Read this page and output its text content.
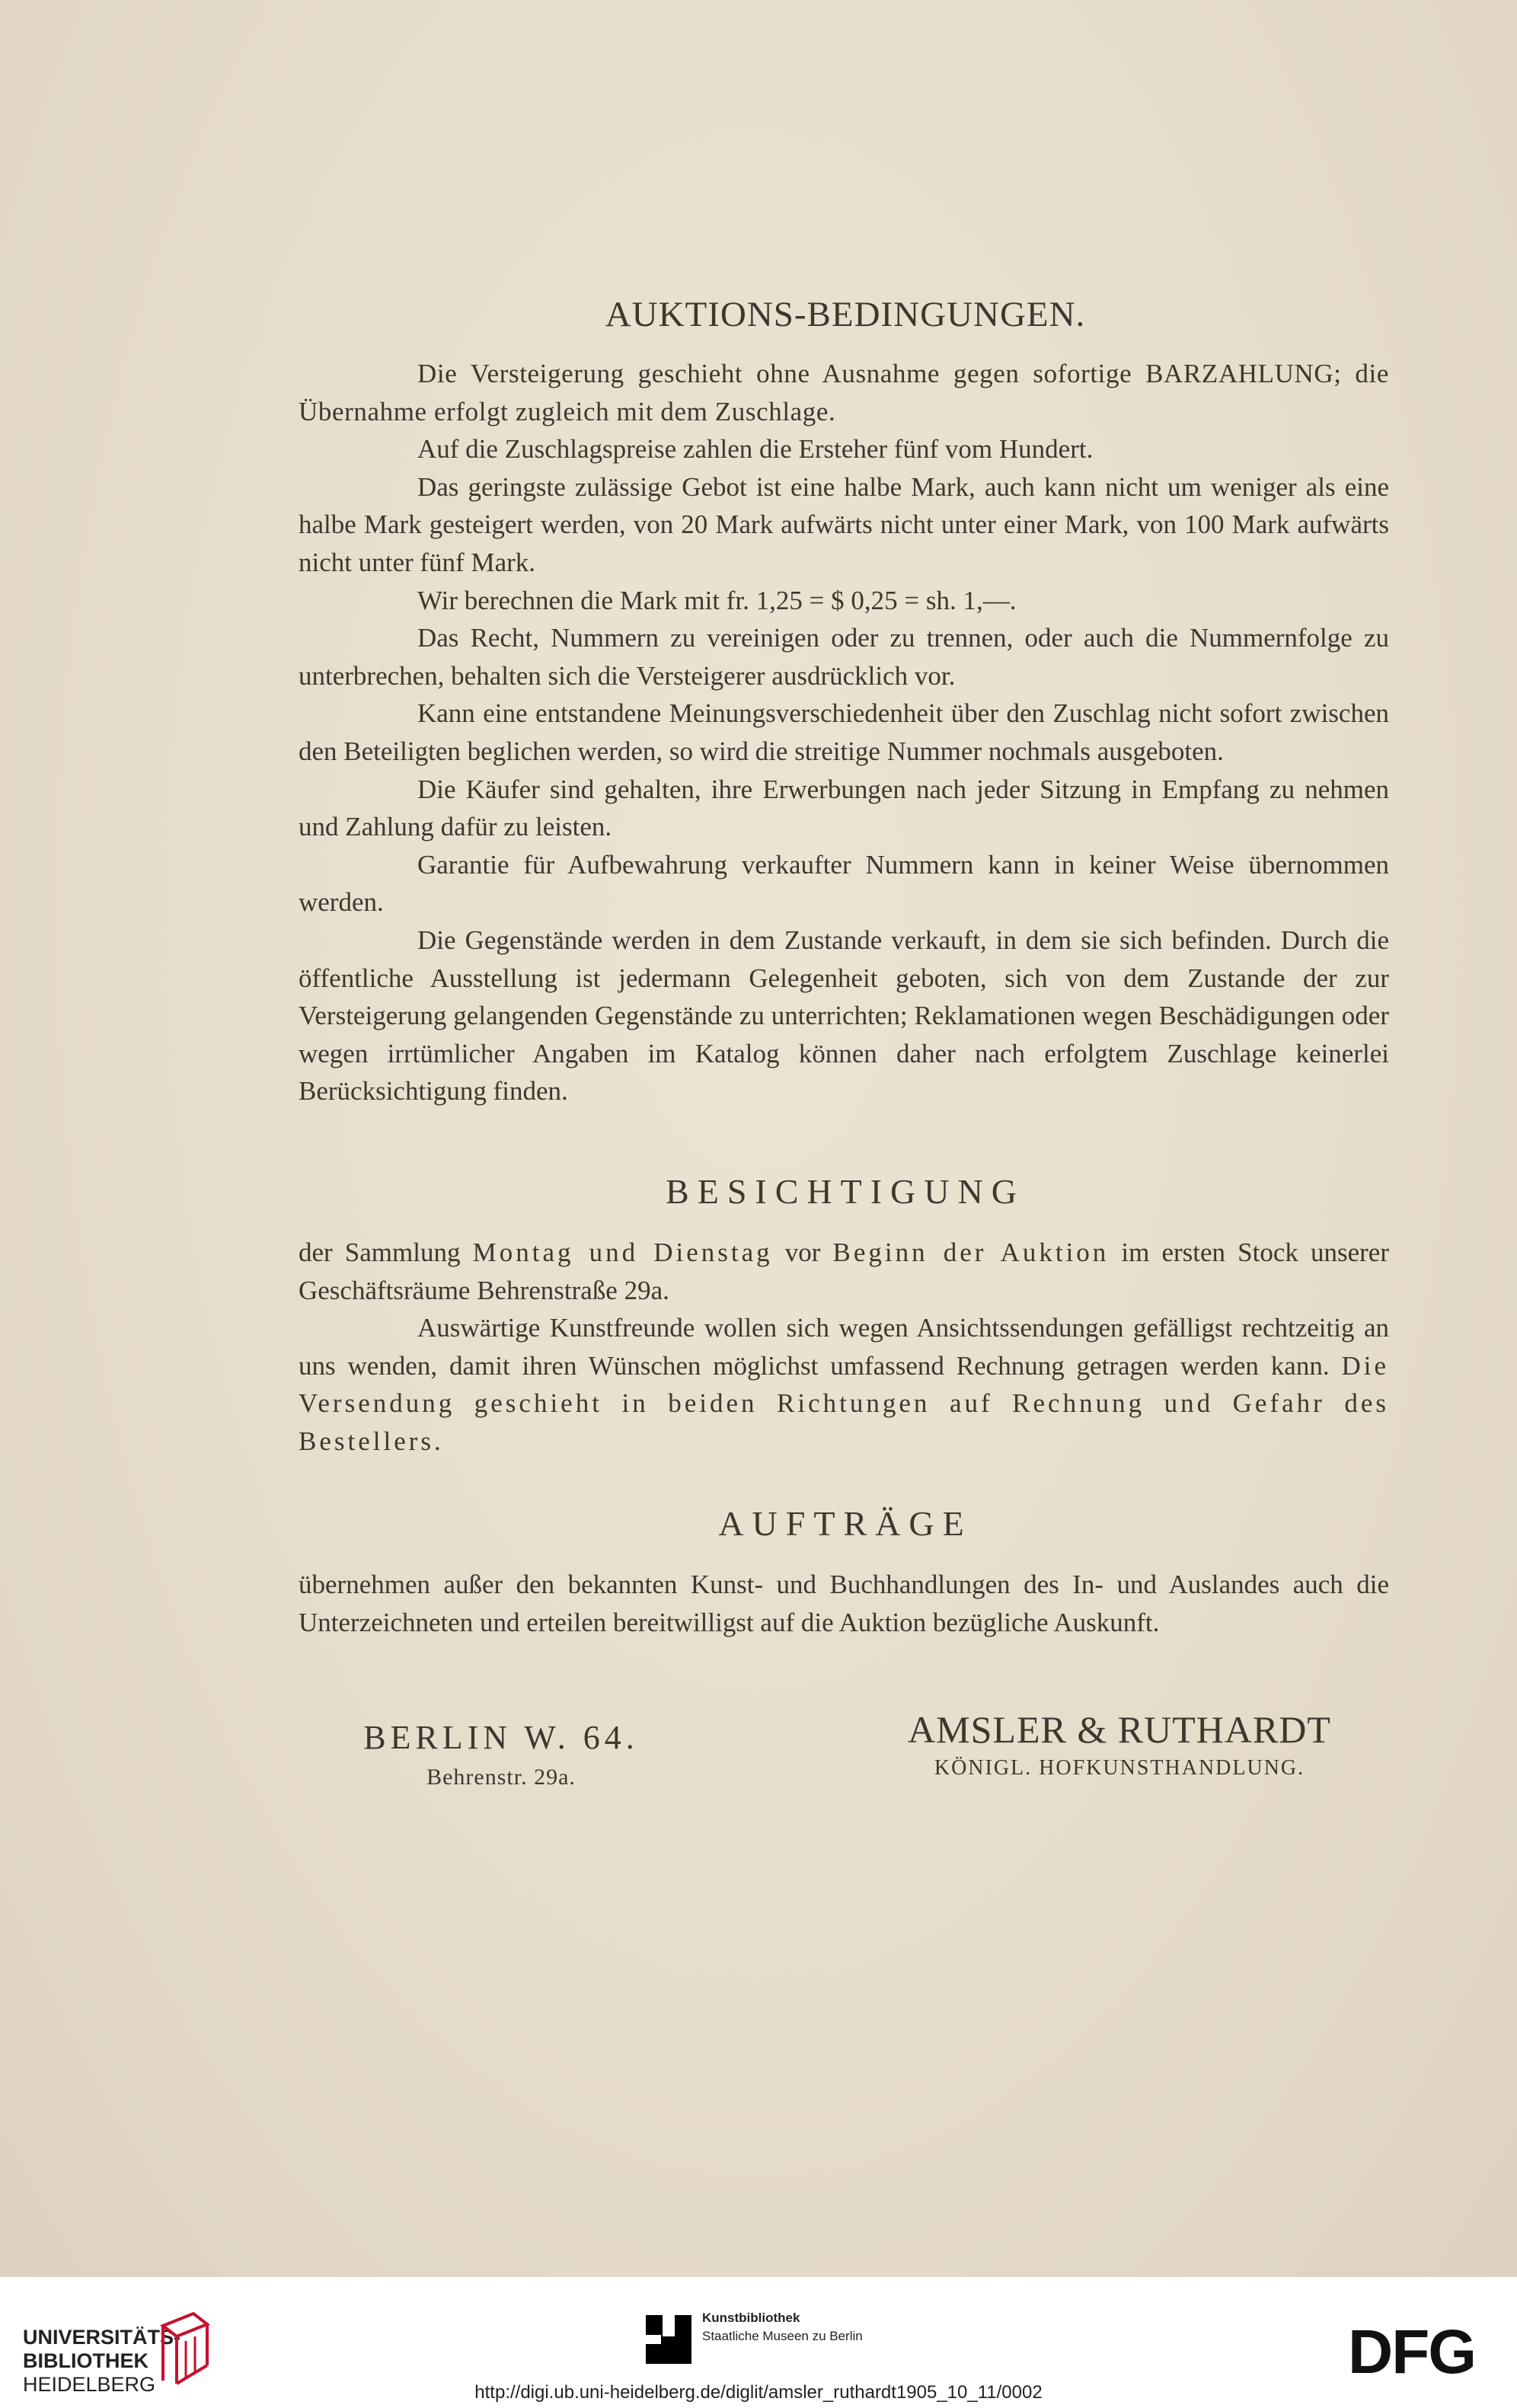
AUKTIONS-BEDINGUNGEN.

Die Versteigerung geschieht ohne Ausnahme gegen sofortige BARZAHLUNG; die Übernahme erfolgt zugleich mit dem Zuschlage.

Auf die Zuschlagspreise zahlen die Ersteher fünf vom Hundert.

Das geringste zulässige Gebot ist eine halbe Mark, auch kann nicht um weniger als eine halbe Mark gesteigert werden, von 20 Mark aufwärts nicht unter einer Mark, von 100 Mark aufwärts nicht unter fünf Mark.

Wir berechnen die Mark mit fr. 1,25 = $ 0,25 = sh. 1,—.

Das Recht, Nummern zu vereinigen oder zu trennen, oder auch die Nummernfolge zu unterbrechen, behalten sich die Versteigerer ausdrücklich vor.

Kann eine entstandene Meinungsverschiedenheit über den Zuschlag nicht sofort zwischen den Beteiligten beglichen werden, so wird die streitige Nummer nochmals ausgeboten.

Die Käufer sind gehalten, ihre Erwerbungen nach jeder Sitzung in Empfang zu nehmen und Zahlung dafür zu leisten.

Garantie für Aufbewahrung verkaufter Nummern kann in keiner Weise übernommen werden.

Die Gegenstände werden in dem Zustande verkauft, in dem sie sich befinden. Durch die öffentliche Ausstellung ist jedermann Gelegenheit geboten, sich von dem Zustande der zur Versteigerung gelangenden Gegenstände zu unterrichten; Reklamationen wegen Beschädigungen oder wegen irrtümlicher Angaben im Katalog können daher nach erfolgtem Zuschlage keinerlei Berücksichtigung finden.

BESICHTIGUNG

der Sammlung Montag und Dienstag vor Beginn der Auktion im ersten Stock unserer Geschäftsräume Behrenstraße 29a.

Auswärtige Kunstfreunde wollen sich wegen Ansichtssendungen gefälligst rechtzeitig an uns wenden, damit ihren Wünschen möglichst umfassend Rechnung getragen werden kann. Die Versendung geschieht in beiden Richtungen auf Rechnung und Gefahr des Bestellers.

AUFTRÄGE

übernehmen außer den bekannten Kunst- und Buchhandlungen des In- und Auslandes auch die Unterzeichneten und erteilen bereitwilligst auf die Auktion bezügliche Auskunft.

BERLIN W. 64.
Behrenstr. 29a.
AMSLER & RUTHARDT
KÖNIGL. HOFKUNSTHANDLUNG.
UNIVERSITÄTS-
BIBLIOTHEK
HEIDELBERG
Kunstbibliothek
Staatliche Museen zu Berlin	DFG
http://digi.ub.uni-heidelberg.de/diglit/amsler_ruthardt1905_10_11/0002
